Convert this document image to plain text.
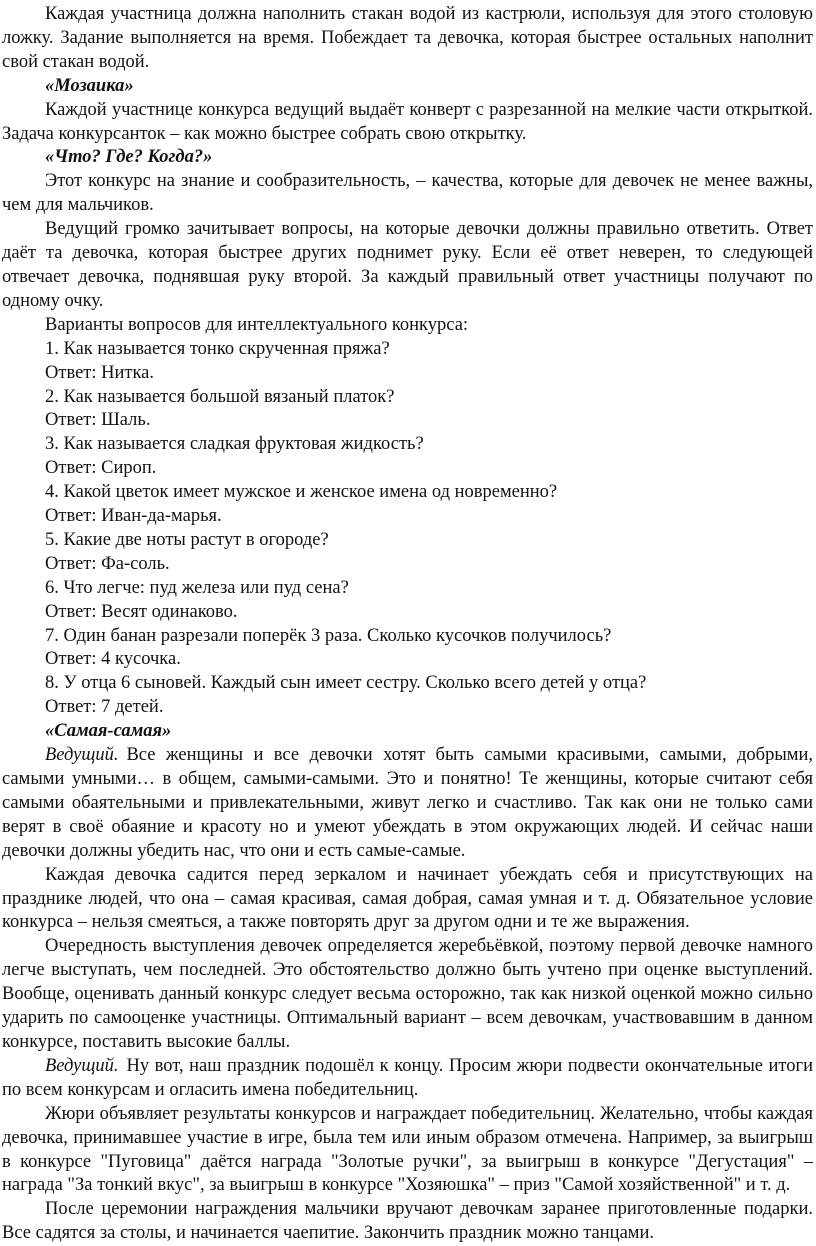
Каждая участница должна наполнить стакан водой из кастрюли, используя для этого столовую ложку. Задание выполняется на время. Побеждает та девочка, которая быстрее остальных наполнит свой стакан водой.

«Мозаика»

Каждой участнице конкурса ведущий выдаёт конверт с разрезанной на мелкие части открыткой. Задача конкурсанток – как можно быстрее собрать свою открытку.

«Что? Где? Когда?»

Этот конкурс на знание и сообразительность, – качества, которые для девочек не менее важны, чем для мальчиков.

Ведущий громко зачитывает вопросы, на которые девочки должны правильно ответить. Ответ даёт та девочка, которая быстрее других поднимет руку. Если её ответ неверен, то следующей отвечает девочка, поднявшая руку второй. За каждый правильный ответ участницы получают по одному очку.

Варианты вопросов для интеллектуального конкурса:

1. Как называется тонко скрученная пряжа?

Ответ: Нитка.

2. Как называется большой вязаный платок?

Ответ: Шаль.

3. Как называется сладкая фруктовая жидкость?

Ответ: Сироп.

4. Какой цветок имеет мужское и женское имена од новременно?

Ответ: Иван-да-марья.

5. Какие две ноты растут в огороде?

Ответ: Фа-соль.

6. Что легче: пуд железа или пуд сена?

Ответ: Весят одинаково.

7. Один банан разрезали поперёк 3 раза. Сколько кусочков получилось?

Ответ: 4 кусочка.

8. У отца 6 сыновей. Каждый сын имеет сестру. Сколько всего детей у отца?

Ответ: 7 детей.

«Самая-самая»

Ведущий. Все женщины и все девочки хотят быть самыми красивыми, самыми, добрыми, самыми умными… в общем, самыми-самыми. Это и понятно! Те женщины, которые считают себя самыми обаятельными и привлекательными, живут легко и счастливо. Так как они не только сами верят в своё обаяние и красоту но и умеют убеждать в этом окружающих людей. И сейчас наши девочки должны убедить нас, что они и есть самые-самые.

Каждая девочка садится перед зеркалом и начинает убеждать себя и присутствующих на празднике людей, что она – самая красивая, самая добрая, самая умная и т. д. Обязательное условие конкурса – нельзя смеяться, а также повторять друг за другом одни и те же выражения.

Очередность выступления девочек определяется жеребьёвкой, поэтому первой девочке намного легче выступать, чем последней. Это обстоятельство должно быть учтено при оценке выступлений. Вообще, оценивать данный конкурс следует весьма осторожно, так как низкой оценкой можно сильно ударить по самооценке участницы. Оптимальный вариант – всем девочкам, участвовавшим в данном конкурсе, поставить высокие баллы.

Ведущий. Ну вот, наш праздник подошёл к концу. Просим жюри подвести окончательные итоги по всем конкурсам и огласить имена победительниц.

Жюри объявляет результаты конкурсов и награждает победительниц. Желательно, чтобы каждая девочка, принимавшее участие в игре, была тем или иным образом отмечена. Например, за выигрыш в конкурсе "Пуговица" даётся награда "Золотые ручки", за выигрыш в конкурсе "Дегустация" – награда "За тонкий вкус", за выигрыш в конкурсе "Хозяюшка" – приз "Самой хозяйственной" и т. д.

После церемонии награждения мальчики вручают девочкам заранее приготовленные подарки. Все садятся за столы, и начинается чаепитие. Закончить праздник можно танцами.
